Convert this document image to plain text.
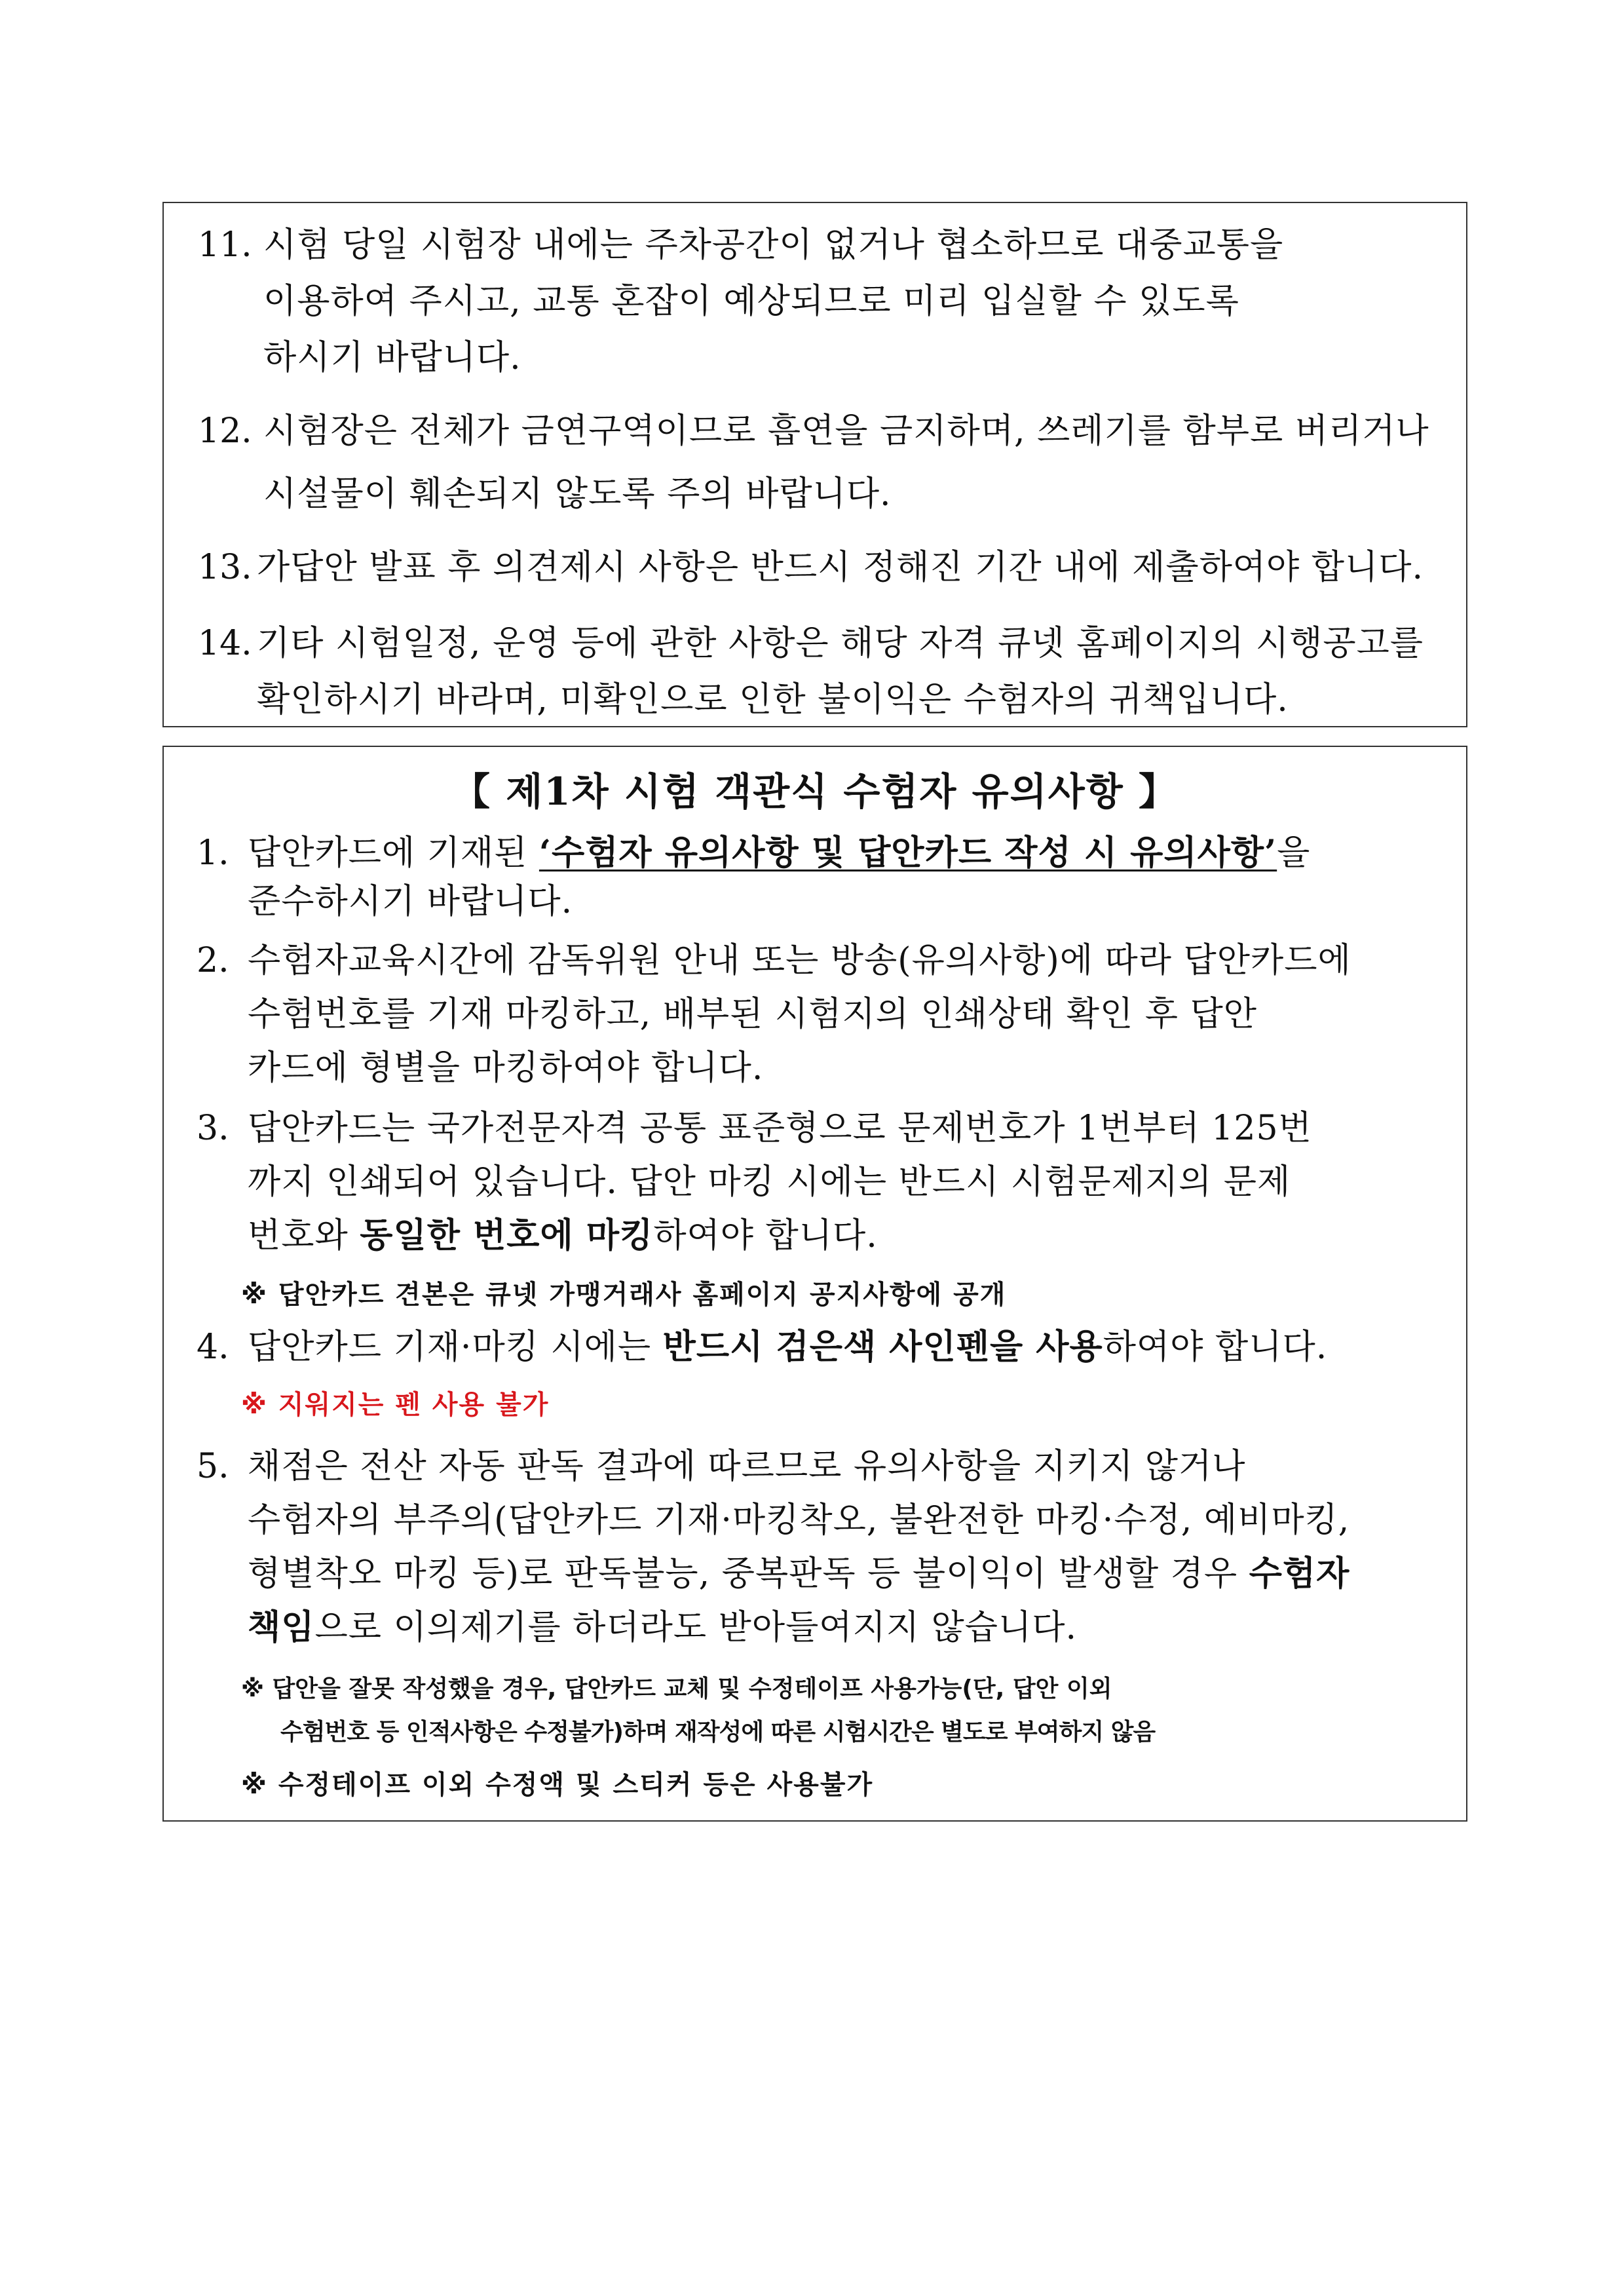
11. 시험 당일 시험장 내에는 주차공간이 없거나 협소하므로 대중교통을
이용하여 주시고, 교통 혼잡이 예상되므로 미리 입실할 수 있도록
하시기 바랍니다.
12. 시험장은 전체가 금연구역이므로 흡연을 금지하며, 쓰레기를 함부로 버리거나
시설물이 훼손되지 않도록 주의 바랍니다.
13. 가답안 발표 후 의견제시 사항은 반드시 정해진 기간 내에 제출하여야 합니다.
14. 기타 시험일정, 운영 등에 관한 사항은 해당 자격 큐넷 홈페이지의 시행공고를
확인하시기 바라며, 미확인으로 인한 불이익은 수험자의 귀책입니다.
【 제1차 시험 객관식 수험자 유의사항 】
1. 답안카드에 기재된 ‘수험자 유의사항 및 답안카드 작성 시 유의사항’을
준수하시기 바랍니다.
2. 수험자교육시간에 감독위원 안내 또는 방송(유의사항)에 따라 답안카드에
수험번호를 기재 마킹하고, 배부된 시험지의 인쇄상태 확인 후 답안
카드에 형별을 마킹하여야 합니다.
3. 답안카드는 국가전문자격 공통 표준형으로 문제번호가 1번부터 125번
까지 인쇄되어 있습니다. 답안 마킹 시에는 반드시 시험문제지의 문제
번호와 동일한 번호에 마킹하여야 합니다.
※ 답안카드 견본은 큐넷 가맹거래사 홈페이지 공지사항에 공개
4. 답안카드 기재·마킹 시에는 반드시 검은색 사인펜을 사용하여야 합니다.
※ 지워지는 펜 사용 불가
5. 채점은 전산 자동 판독 결과에 따르므로 유의사항을 지키지 않거나
수험자의 부주의(답안카드 기재·마킹착오, 불완전한 마킹·수정, 예비마킹,
형별착오 마킹 등)로 판독불능, 중복판독 등 불이익이 발생할 경우 수험자
책임으로 이의제기를 하더라도 받아들여지지 않습니다.
※ 답안을 잘못 작성했을 경우, 답안카드 교체 및 수정테이프 사용가능(단, 답안 이외
수험번호 등 인적사항은 수정불가)하며 재작성에 따른 시험시간은 별도로 부여하지 않음
※ 수정테이프 이외 수정액 및 스티커 등은 사용불가
